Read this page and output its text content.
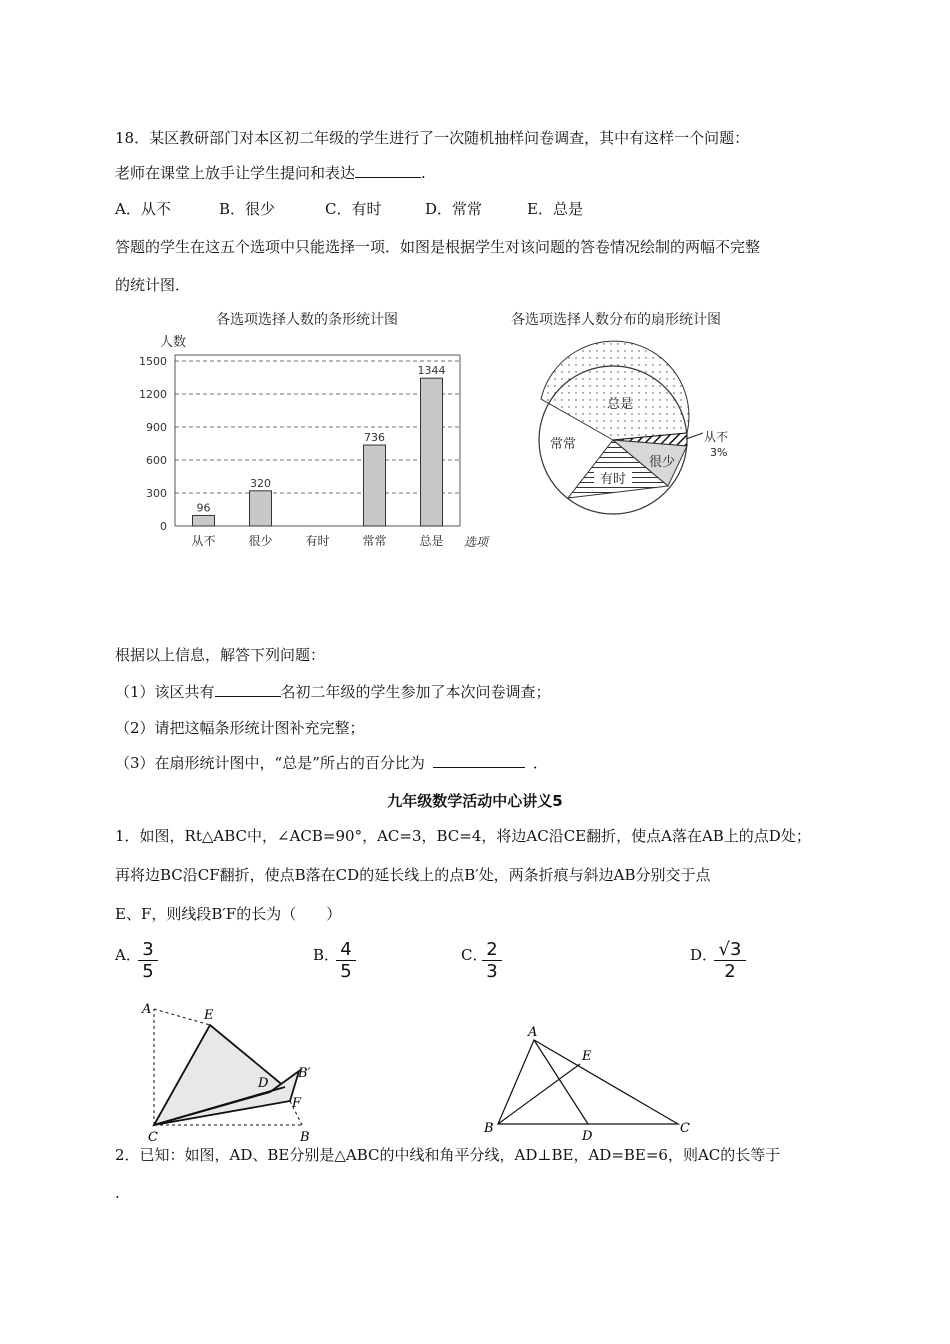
18．某区教研部门对本区初二年级的学生进行了一次随机抽样问卷调查，其中有这样一个问题：
老师在课堂上放手让学生提问和表达	.
A．从不	B．很少	C．有时	D．常常	E．总是
答题的学生在这五个选项中只能选择一项．如图是根据学生对该问题的答卷情况绘制的两幅不完整
的统计图．
各选项选择人数的条形统计图
人数
选项
0
300
600
900
1200
1500
96
320
736
1344
从不	很少	有时	常常	总是
各选项选择人数分布的扇形统计图
总是
很少
有时
常常	从不
3%
根据以上信息，解答下列问题：
（1）该区共有	名初二年级的学生参加了本次问卷调查；
（2）请把这幅条形统计图补充完整；
（3）在扇形统计图中，“总是”所占的百分比为	．
九年级数学活动中心讲义5
1．如图，Rt△ABC中，∠ACB=90°，AC=3，BC=4，将边AC沿CE翻折，使点A落在AB上的点D处；
再将边BC沿CF翻折，使点B落在CD的延长线上的点B′处，两条折痕与斜边AB分别交于点
E、F，则线段B′F的长为（　　）
A．
$\frac{3}{5}$	B．
$\frac{4}{5}$	C．
$\frac{2}{3}$	D．
$\frac{√3}{2}$
A	E
D
B′
F
C	B
A
E
B
D
C
2．已知：如图，AD、BE分别是△ABC的中线和角平分线，AD⊥BE，AD=BE=6，则AC的长等于
.
